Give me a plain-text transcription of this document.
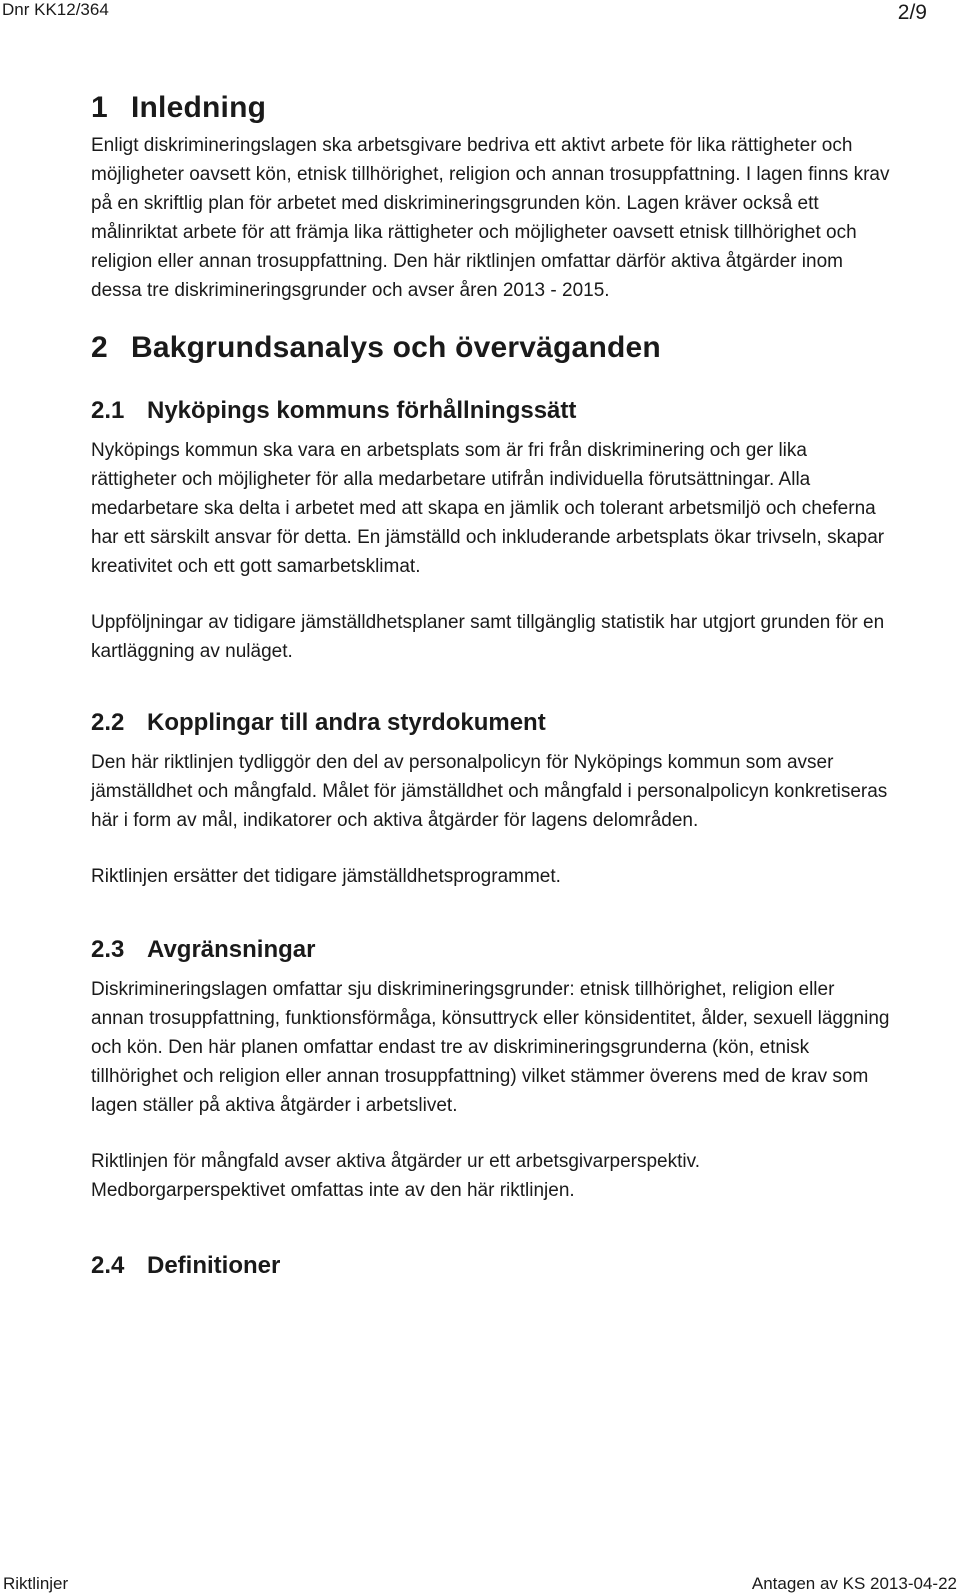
Dnr KK12/364	2/9
1 Inledning

Enligt diskrimineringslagen ska arbetsgivare bedriva ett aktivt arbete för lika rättigheter och möjligheter oavsett kön, etnisk tillhörighet, religion och annan trosuppfattning. I lagen finns krav på en skriftlig plan för arbetet med diskrimineringsgrunden kön. Lagen kräver också ett målinriktat arbete för att främja lika rättigheter och möjligheter oavsett etnisk tillhörighet och religion eller annan trosuppfattning. Den här riktlinjen omfattar därför aktiva åtgärder inom dessa tre diskrimineringsgrunder och avser åren 2013 - 2015.

2 Bakgrundsanalys och överväganden
2.1 Nyköpings kommuns förhållningssätt

Nyköpings kommun ska vara en arbetsplats som är fri från diskriminering och ger lika rättigheter och möjligheter för alla medarbetare utifrån individuella förutsättningar. Alla medarbetare ska delta i arbetet med att skapa en jämlik och tolerant arbetsmiljö och cheferna har ett särskilt ansvar för detta. En jämställd och inkluderande arbetsplats ökar trivseln, skapar kreativitet och ett gott samarbetsklimat.

Uppföljningar av tidigare jämställdhetsplaner samt tillgänglig statistik har utgjort grunden för en kartläggning av nuläget.

2.2 Kopplingar till andra styrdokument

Den här riktlinjen tydliggör den del av personalpolicyn för Nyköpings kommun som avser jämställdhet och mångfald. Målet för jämställdhet och mångfald i personalpolicyn konkretiseras här i form av mål, indikatorer och aktiva åtgärder för lagens delområden.

Riktlinjen ersätter det tidigare jämställdhetsprogrammet.

2.3 Avgränsningar

Diskrimineringslagen omfattar sju diskrimineringsgrunder: etnisk tillhörighet, religion eller annan trosuppfattning, funktionsförmåga, könsuttryck eller könsidentitet, ålder, sexuell läggning och kön. Den här planen omfattar endast tre av diskrimineringsgrunderna (kön, etnisk tillhörighet och religion eller annan trosuppfattning) vilket stämmer överens med de krav som lagen ställer på aktiva åtgärder i arbetslivet.

Riktlinjen för mångfald avser aktiva åtgärder ur ett arbetsgivarperspektiv. Medborgarperspektivet omfattas inte av den här riktlinjen.

2.4 Definitioner
Riktlinjer	Antagen av KS 2013-04-22
